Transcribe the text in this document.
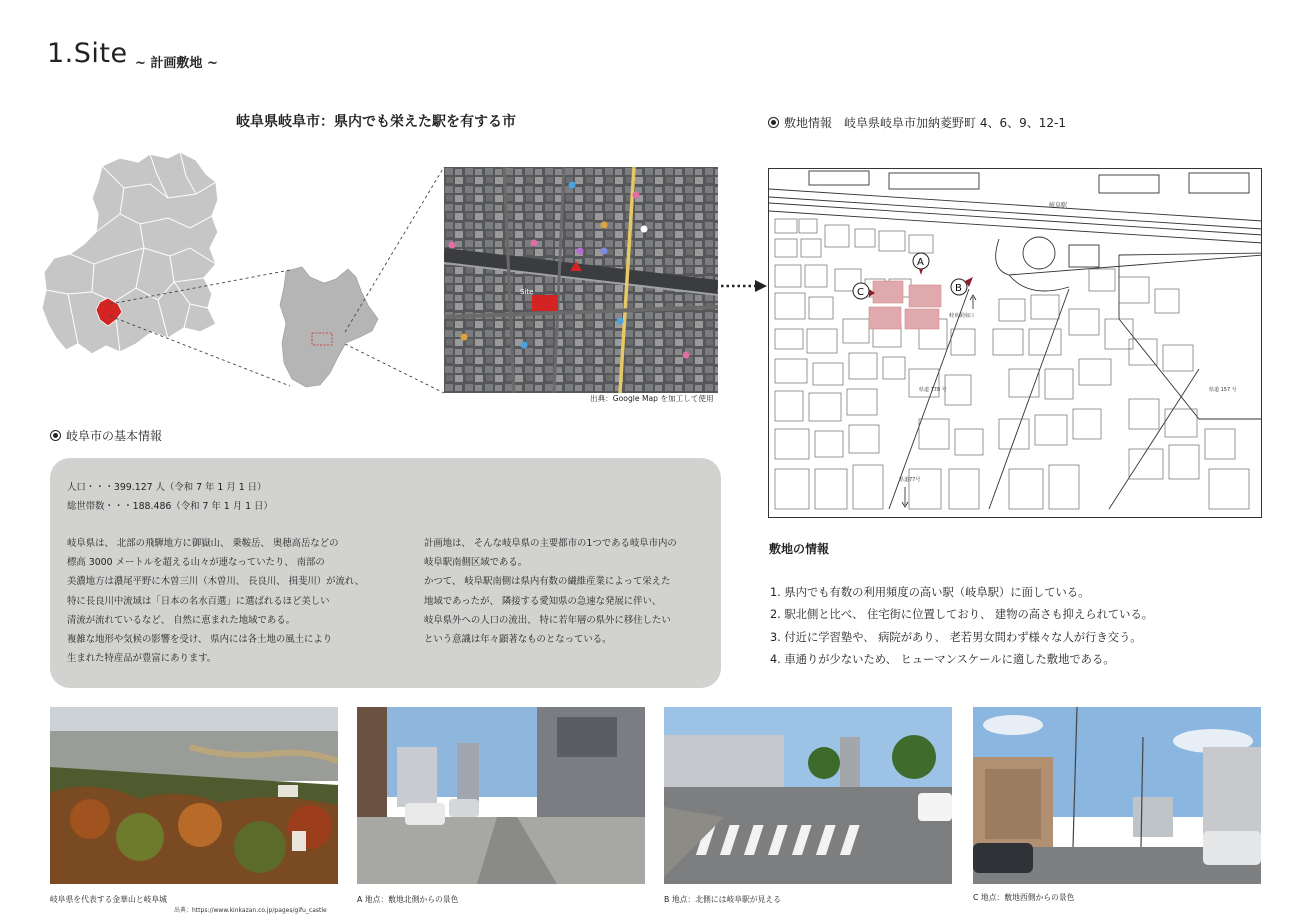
1.Site ~ 計画敷地 ~
岐阜県岐阜市：県内でも栄えた駅を有する市
Site
出典：Google Map を加工して使用
敷地情報　 岐阜県岐阜市加納菱野町 4、6、9、12-1
A
B
C
岐阜駅
岐阜駅南口
県道 178 号	県道 157 号
県道77号
岐阜市の基本情報
人口・・・399.127 人（令和 7 年 1 月 1 日）
総世帯数・・・188.486（令和 7 年 1 月 1 日）
岐阜県は、 北部の飛騨地方に御嶽山、 乗鞍岳、 奥穂高岳などの
標高 3000 メートルを超える山々が連なっていたり、 南部の
美濃地方は濃尾平野に木曽三川（木曽川、 長良川、 揖斐川）が流れ、
特に長良川中流域は「日本の名水百選」に選ばれるほど美しい
清流が流れているなど、 自然に恵まれた地域である。
複雑な地形や気候の影響を受け、 県内には各土地の風土により
生まれた特産品が豊富にあります。
計画地は、 そんな岐阜県の主要都市の1つである岐阜市内の
岐阜駅南側区域である。
かつて、 岐阜駅南側は県内有数の繊維産業によって栄えた
地域であったが、 隣接する愛知県の急速な発展に伴い、
岐阜県外への人口の流出、 特に若年層の県外に移住したい
という意識は年々顕著なものとなっている。
敷地の情報
1. 県内でも有数の利用頻度の高い駅（岐阜駅）に面している。
2. 駅北側と比べ、 住宅街に位置しており、 建物の高さも抑えられている。
3. 付近に学習塾や、 病院があり、 老若男女問わず様々な人が行き交う。
4. 車通りが少ないため、 ヒューマンスケールに適した敷地である。
岐阜県を代表する金華山と岐阜城
出典：https://www.kinkazan.co.jp/pages/gifu_castle
A 地点：敷地北側からの景色	B 地点：北側には岐阜駅が見える	C 地点：敷地西側からの景色
